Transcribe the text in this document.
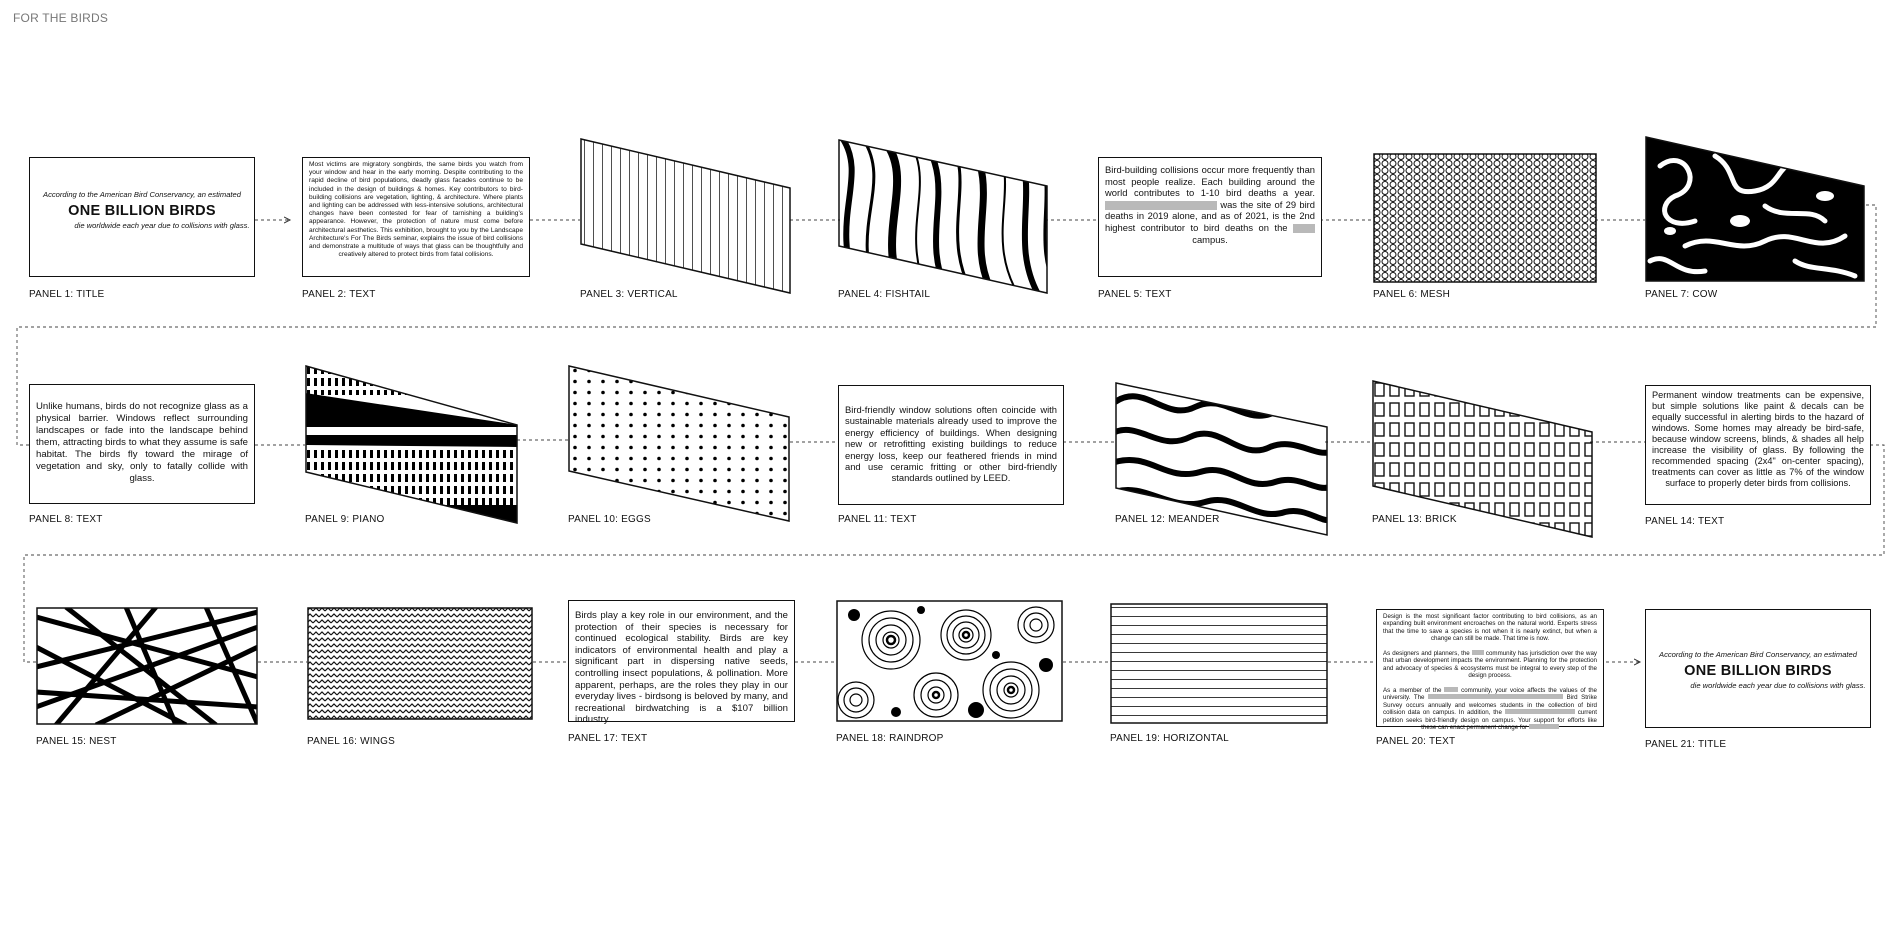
FOR THE BIRDS
According to the American Bird Conservancy, an estimated
ONE BILLION BIRDS
die worldwide each year due to collisions with glass.
PANEL 1: TITLE
Most victims are migratory songbirds, the same birds you watch from your window and hear in the early morning. Despite contributing to the rapid decline of bird populations, deadly glass facades continue to be included in the design of buildings & homes. Key contributors to bird-building collisions are vegetation, lighting, & architecture. Where plants and lighting can be addressed with less-intensive solutions, architectural changes have been contested for fear of tarnishing a building's appearance. However, the protection of nature must come before architectural aesthetics. This exhibition, brought to you by the Landscape Architecture's For The Birds seminar, explains the issue of bird collisions and demonstrate a multitude of ways that glass can be thoughtfully and creatively altered to protect birds from fatal collisions.
PANEL 2: TEXT	PANEL 3: VERTICAL	PANEL 4: FISHTAIL
Bird-building collisions occur more frequently than most people realize. Each building around the world contributes to 1-10 bird deaths a year.  was the site of 29 bird deaths in 2019 alone, and as of 2021, is the 2nd highest contributor to bird deaths on the  campus.
PANEL 5: TEXT	PANEL 6: MESH	PANEL 7: COW
Unlike humans, birds do not recognize glass as a physical barrier. Windows reflect surrounding landscapes or fade into the landscape behind them, attracting birds to what they assume is safe habitat. The birds fly toward the mirage of vegetation and sky, only to fatally collide with glass.
PANEL 8: TEXT	PANEL 9: PIANO	PANEL 10: EGGS
Bird-friendly window solutions often coincide with sustainable materials already used to improve the energy efficiency of buildings. When designing new or retrofitting existing buildings to reduce energy loss, keep our feathered friends in mind and use ceramic fritting or other bird-friendly standards outlined by LEED.
PANEL 11: TEXT	PANEL 12: MEANDER	PANEL 13: BRICK
Permanent window treatments can be expensive, but simple solutions like paint & decals can be equally successful in alerting birds to the hazard of windows. Some homes may already be bird-safe, because window screens, blinds, & shades all help increase the visibility of glass. By following the recommended spacing (2x4" on-center spacing), treatments can cover as little as 7% of the window surface to properly deter birds from collisions.
PANEL 14: TEXT
PANEL 15: NEST	PANEL 16: WINGS
Birds play a key role in our environment, and the protection of their species is necessary for continued ecological stability. Birds are key indicators of environmental health and play a significant part in dispersing native seeds, controlling insect populations, & pollination. More apparent, perhaps, are the roles they play in our everyday lives - birdsong is beloved by many, and recreational birdwatching is a $107 billion industry.
PANEL 17: TEXT	PANEL 18: RAINDROP	PANEL 19: HORIZONTAL
Design is the most significant factor contributing to bird collisions, as an expanding built environment encroaches on the natural world. Experts stress that the time to save a species is not when it is nearly extinct, but when a change can still be made. That time is now.

As designers and planners, the	community has jurisdiction over the way that urban development impacts the environment. Planning for the protection and advocacy of species & ecosystems must be integral to every step of the design process.

As a member of the	community, your voice affects the values of the university. The	Bird Strike Survey occurs annually and welcomes students in the collection of bird collision data on campus. In addition, the	current petition seeks bird-friendly design on campus. Your support for efforts like these can enact permanent change for
PANEL 20: TEXT
According to the American Bird Conservancy, an estimated
ONE BILLION BIRDS
die worldwide each year due to collisions with glass.
PANEL 21: TITLE
